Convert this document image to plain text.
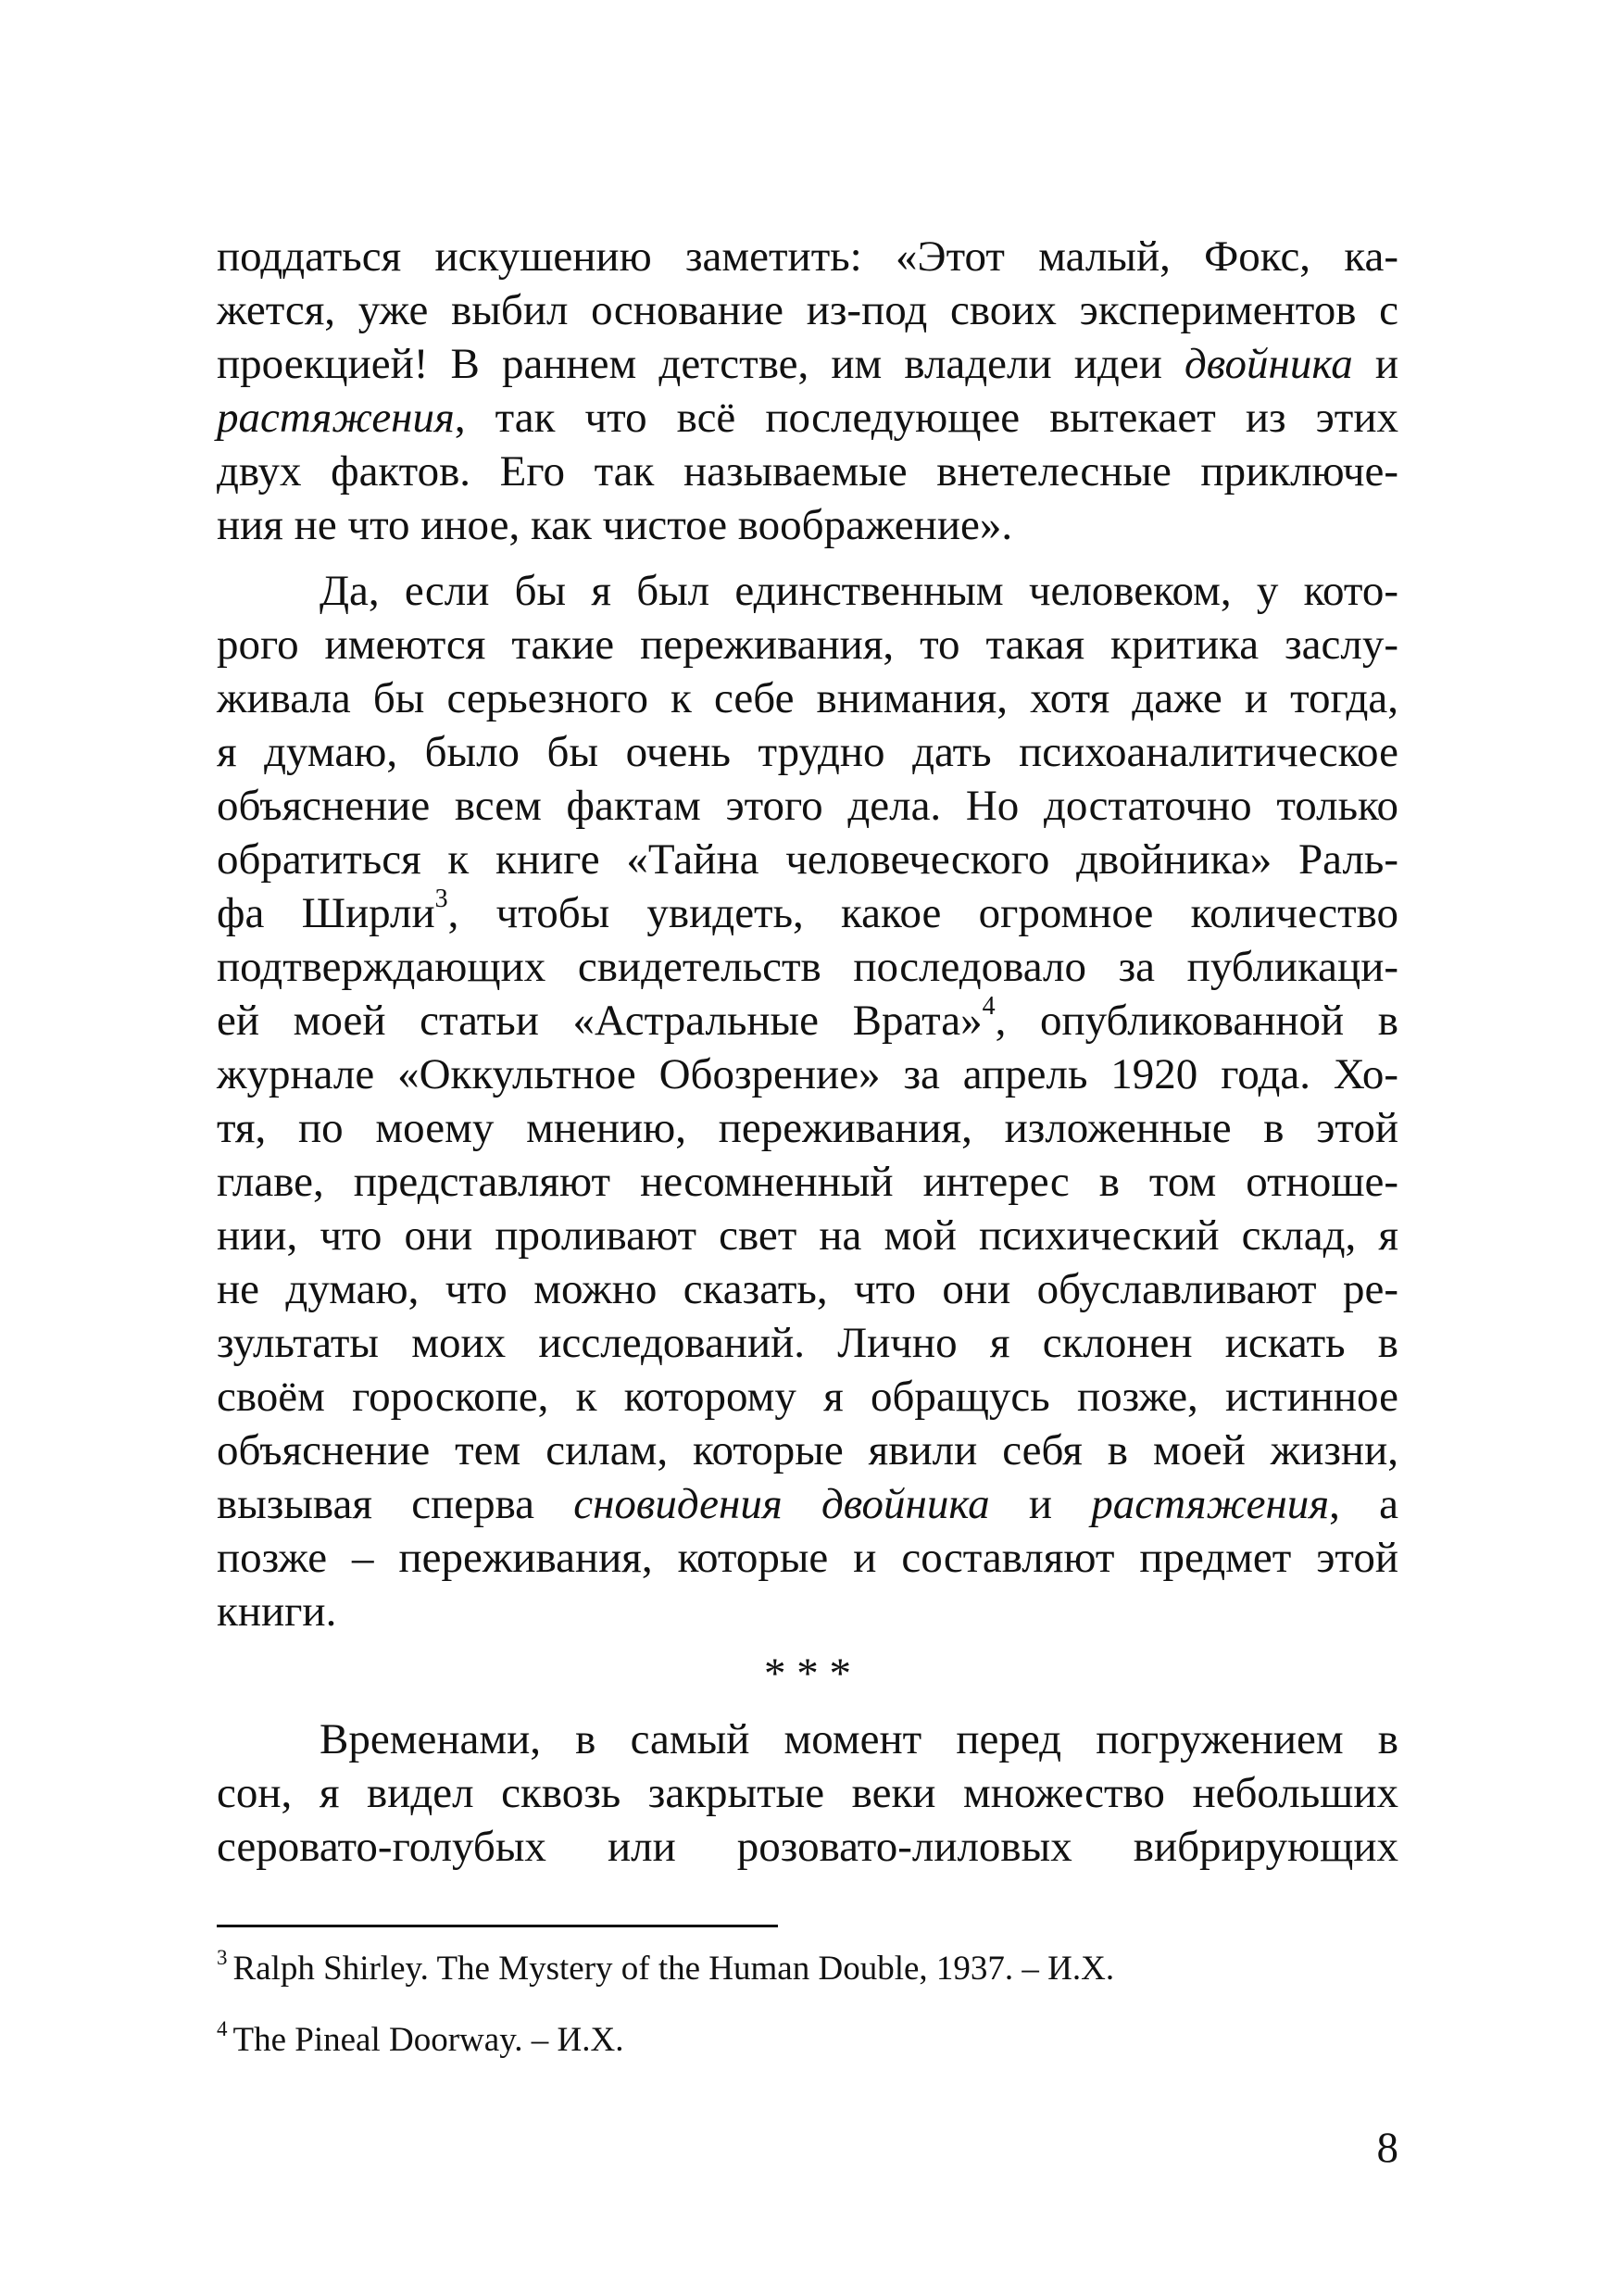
поддаться искушению заметить: «Этот малый, Фокс, ка-
жется, уже выбил основание из-под своих экспериментов с
проекцией! В раннем детстве, им владели идеи двойника и
растяжения, так что всё последующее вытекает из этих
двух фактов. Его так называемые внетелесные приключе-
ния не что иное, как чистое воображение».
Да, если бы я был единственным человеком, у кото-
рого имеются такие переживания, то такая критика заслу-
живала бы серьезного к себе внимания, хотя даже и тогда,
я думаю, было бы очень трудно дать психоаналитическое
объяснение всем фактам этого дела. Но достаточно только
обратиться к книге «Тайна человеческого двойника» Раль-
фа Ширли$^3$, чтобы увидеть, какое огромное количество
подтверждающих свидетельств последовало за публикаци-
ей моей статьи «Астральные Врата»$^4$, опубликованной в
журнале «Оккультное Обозрение» за апрель 1920 года. Хо-
тя, по моему мнению, переживания, изложенные в этой
главе, представляют несомненный интерес в том отноше-
нии, что они проливают свет на мой психический склад, я
не думаю, что можно сказать, что они обуславливают ре-
зультаты моих исследований. Лично я склонен искать в
своём гороскопе, к которому я обращусь позже, истинное
объяснение тем силам, которые явили себя в моей жизни,
вызывая сперва сновидения двойника и растяжения, а
позже – переживания, которые и составляют предмет этой
книги.
* * *
Временами, в самый момент перед погружением в
сон, я видел сквозь закрытые веки множество небольших
серовато-голубых или розовато-лиловых вибрирующих
$^3$ Ralph Shirley. The Mystery of the Human Double, 1937. – И.Х.
$^4$ The Pineal Doorway. – И.Х.
8
